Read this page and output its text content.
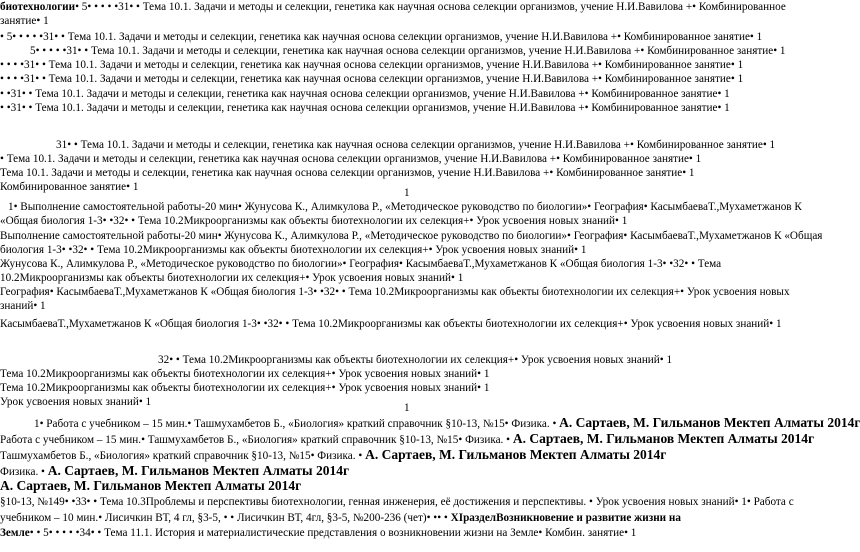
биотехнологии• 5• • • • •31• • Тема 10.1. Задачи и методы и селекции, генетика как научная основа селекции организмов, учение Н.И.Вавилова +• Комбинированное
занятие• 1
• 5• • • • •31• • Тема 10.1. Задачи и методы и селекции, генетика как научная основа селекции организмов, учение Н.И.Вавилова +• Комбинированное занятие• 1
5• • • • •31• • Тема 10.1. Задачи и методы и селекции, генетика как научная основа селекции организмов, учение Н.И.Вавилова +• Комбинированное занятие• 1
• • • •31• • Тема 10.1. Задачи и методы и селекции, генетика как научная основа селекции организмов, учение Н.И.Вавилова +• Комбинированное занятие• 1
• • • •31• • Тема 10.1. Задачи и методы и селекции, генетика как научная основа селекции организмов, учение Н.И.Вавилова +• Комбинированное занятие• 1
• •31• • Тема 10.1. Задачи и методы и селекции, генетика как научная основа селекции организмов, учение Н.И.Вавилова +• Комбинированное занятие• 1
• •31• • Тема 10.1. Задачи и методы и селекции, генетика как научная основа селекции организмов, учение Н.И.Вавилова +• Комбинированное занятие• 1
31• • Тема 10.1. Задачи и методы и селекции, генетика как научная основа селекции организмов, учение Н.И.Вавилова +• Комбинированное занятие• 1
• Тема 10.1. Задачи и методы и селекции, генетика как научная основа селекции организмов, учение Н.И.Вавилова +• Комбинированное занятие• 1
Тема 10.1. Задачи и методы и селекции, генетика как научная основа селекции организмов, учение Н.И.Вавилова +• Комбинированное занятие• 1
Комбинированное занятие• 1	1
1• Выполнение самостоятельной работы-20 мин• Жунусова К., Алимкулова Р., «Методическое руководство по биологии»• География• КасымбаеваТ.,Мухаметжанов К
«Общая биология 1-3• •32• • Тема 10.2Микроорганизмы как объекты биотехнологии их селекция+• Урок усвоения новых знаний• 1
Выполнение самостоятельной работы-20 мин• Жунусова К., Алимкулова Р., «Методическое руководство по биологии»• География• КасымбаеваТ.,Мухаметжанов К «Общая
биология 1-3• •32• • Тема 10.2Микроорганизмы как объекты биотехнологии их селекция+• Урок усвоения новых знаний• 1
Жунусова К., Алимкулова Р., «Методическое руководство по биологии»• География• КасымбаеваТ.,Мухаметжанов К «Общая биология 1-3• •32• • Тема
10.2Микроорганизмы как объекты биотехнологии их селекция+• Урок усвоения новых знаний• 1
География• КасымбаеваТ.,Мухаметжанов К «Общая биология 1-3• •32• • Тема 10.2Микроорганизмы как объекты биотехнологии их селекция+• Урок усвоения новых
знаний• 1
КасымбаеваТ.,Мухаметжанов К «Общая биология 1-3• •32• • Тема 10.2Микроорганизмы как объекты биотехнологии их селекция+• Урок усвоения новых знаний• 1
32• • Тема 10.2Микроорганизмы как объекты биотехнологии их селекция+• Урок усвоения новых знаний• 1
Тема 10.2Микроорганизмы как объекты биотехнологии их селекция+• Урок усвоения новых знаний• 1
Тема 10.2Микроорганизмы как объекты биотехнологии их селекция+• Урок усвоения новых знаний• 1
Урок усвоения новых знаний• 1	1
1• Работа с учебником – 15 мин.• Ташмухамбетов Б., «Биология» краткий справочник §10-13, №15• Физика. • А. Сартаев, М. Гильманов Мектеп Алматы 2014г
Работа с учебником – 15 мин.• Ташмухамбетов Б., «Биология» краткий справочник §10-13, №15• Физика. • А. Сартаев, М. Гильманов Мектеп Алматы 2014г
Ташмухамбетов Б., «Биология» краткий справочник §10-13, №15• Физика. • А. Сартаев, М. Гильманов Мектеп Алматы 2014г
Физика. • А. Сартаев, М. Гильманов Мектеп Алматы 2014г
А. Сартаев, М. Гильманов Мектеп Алматы 2014г
§10-13, №149• •33• • Тема 10.3Проблемы и перспективы биотехнологии, генная инженерия, её достижения и перспективы. • Урок усвоения новых знаний• 1• Работа с
учебником – 10 мин.• Лисичкин ВТ, 4 гл, §3-5, • • Лисичкин ВТ, 4гл, §3-5, №200-236 (чет)• •• • XIразделВозникновение и развитие жизни на
Земле• • 5• • • • •34• • Тема 11.1. История и материалистические представления о возникновении жизни на Земле• Комбин. занятие• 1
